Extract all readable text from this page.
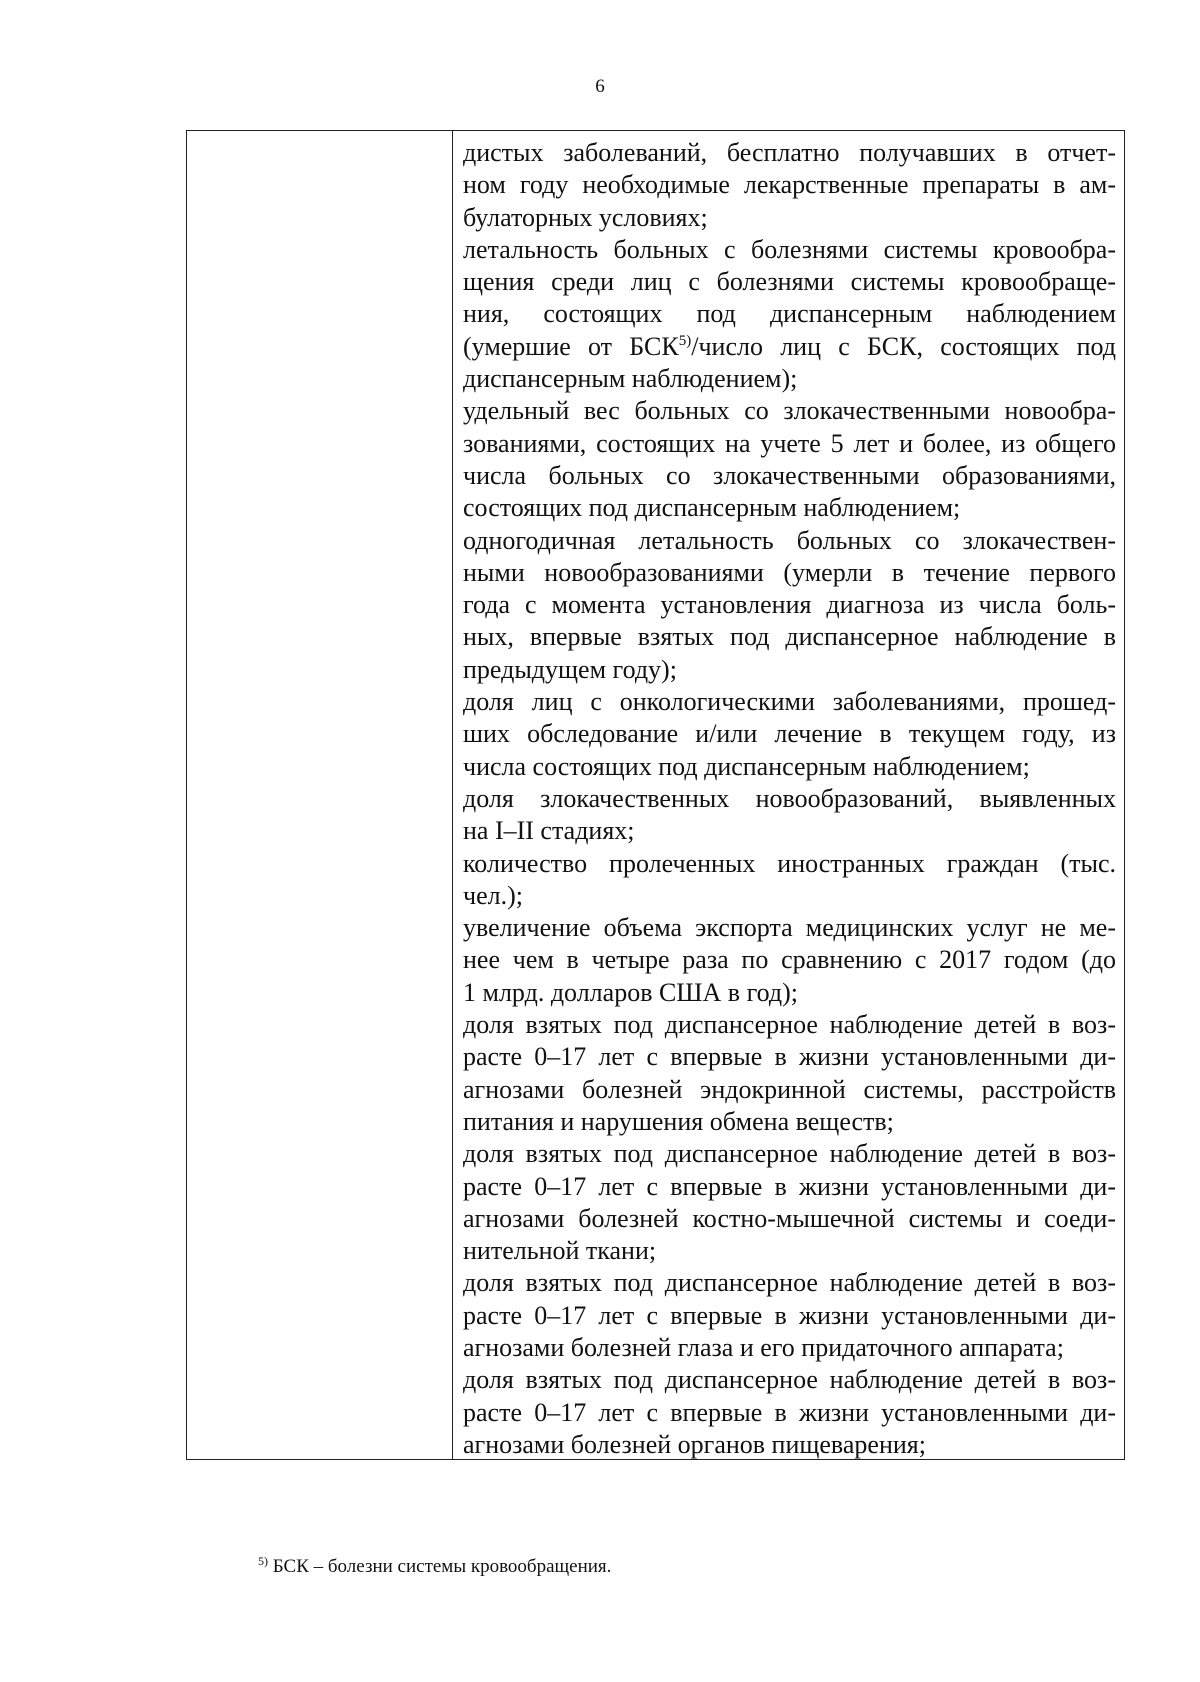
6
дистых заболеваний, бесплатно получавших в отчет-
ном году необходимые лекарственные препараты в ам-
булаторных условиях;
летальность больных с болезнями системы кровообра-
щения среди лиц с болезнями системы кровообраще-
ния, состоящих под диспансерным наблюдением
(умершие от БСК$^{5)}$/число лиц с БСК, состоящих под
диспансерным наблюдением);
удельный вес больных со злокачественными новообра-
зованиями, состоящих на учете 5 лет и более, из общего
числа больных со злокачественными образованиями,
состоящих под диспансерным наблюдением;
одногодичная летальность больных со злокачествен-
ными новообразованиями (умерли в течение первого
года с момента установления диагноза из числа боль-
ных, впервые взятых под диспансерное наблюдение в
предыдущем году);
доля лиц с онкологическими заболеваниями, прошед-
ших обследование и/или лечение в текущем году, из
числа состоящих под диспансерным наблюдением;
доля злокачественных новообразований, выявленных
на I–II стадиях;
количество пролеченных иностранных граждан (тыс.
чел.);
увеличение объема экспорта медицинских услуг не ме-
нее чем в четыре раза по сравнению с 2017 годом (до
1 млрд. долларов США в год);
доля взятых под диспансерное наблюдение детей в воз-
расте 0–17 лет с впервые в жизни установленными ди-
агнозами болезней эндокринной системы, расстройств
питания и нарушения обмена веществ;
доля взятых под диспансерное наблюдение детей в воз-
расте 0–17 лет с впервые в жизни установленными ди-
агнозами болезней костно-мышечной системы и соеди-
нительной ткани;
доля взятых под диспансерное наблюдение детей в воз-
расте 0–17 лет с впервые в жизни установленными ди-
агнозами болезней глаза и его придаточного аппарата;
доля взятых под диспансерное наблюдение детей в воз-
расте 0–17 лет с впервые в жизни установленными ди-
агнозами болезней органов пищеварения;
$^{5)}$ БСК – болезни системы кровообращения.
